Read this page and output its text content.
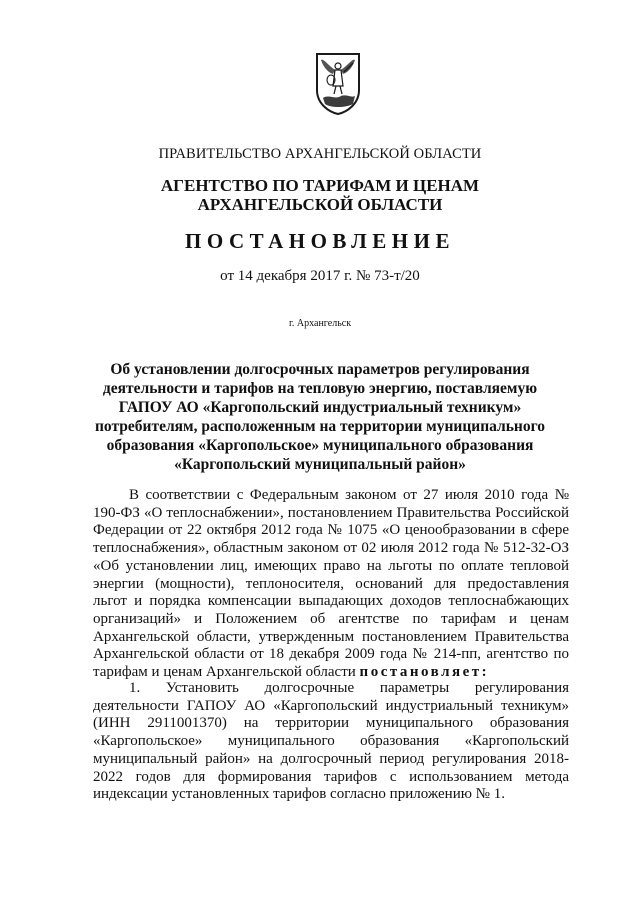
ПРАВИТЕЛЬСТВО АРХАНГЕЛЬСКОЙ ОБЛАСТИ
АГЕНТСТВО ПО ТАРИФАМ И ЦЕНАМ
АРХАНГЕЛЬСКОЙ ОБЛАСТИ
ПОСТАНОВЛЕНИЕ
от 14 декабря 2017 г. № 73-т/20
г. Архангельск
Об установлении долгосрочных параметров регулирования
деятельности и тарифов на тепловую энергию, поставляемую
ГАПОУ АО «Каргопольский индустриальный техникум»
потребителям, расположенным на территории муниципального
образования «Каргопольское» муниципального образования
«Каргопольский муниципальный район»

В соответствии с Федеральным законом от 27 июля 2010 года № 190-ФЗ «О теплоснабжении», постановлением Правительства Российской Федерации от 22 октября 2012 года № 1075 «О ценообразовании в сфере теплоснабжения», областным законом от 02 июля 2012 года № 512-32-ОЗ «Об установлении лиц, имеющих право на льготы по оплате тепловой энергии (мощности), теплоносителя, оснований для предоставления льгот и порядка компенсации выпадающих доходов теплоснабжающих организаций» и Положением об агентстве по тарифам и ценам Архангельской области, утвержденным постановлением Правительства Архангельской области от 18 декабря 2009 года № 214-пп, агентство по тарифам и ценам Архангельской области постановляет:

1. Установить долгосрочные параметры регулирования деятельности ГАПОУ АО «Каргопольский индустриальный техникум» (ИНН 2911001370) на территории муниципального образования «Каргопольское» муниципального образования «Каргопольский муниципальный район» на долгосрочный период регулирования 2018-2022 годов для формирования тарифов с использованием метода индексации установленных тарифов согласно приложению № 1.
